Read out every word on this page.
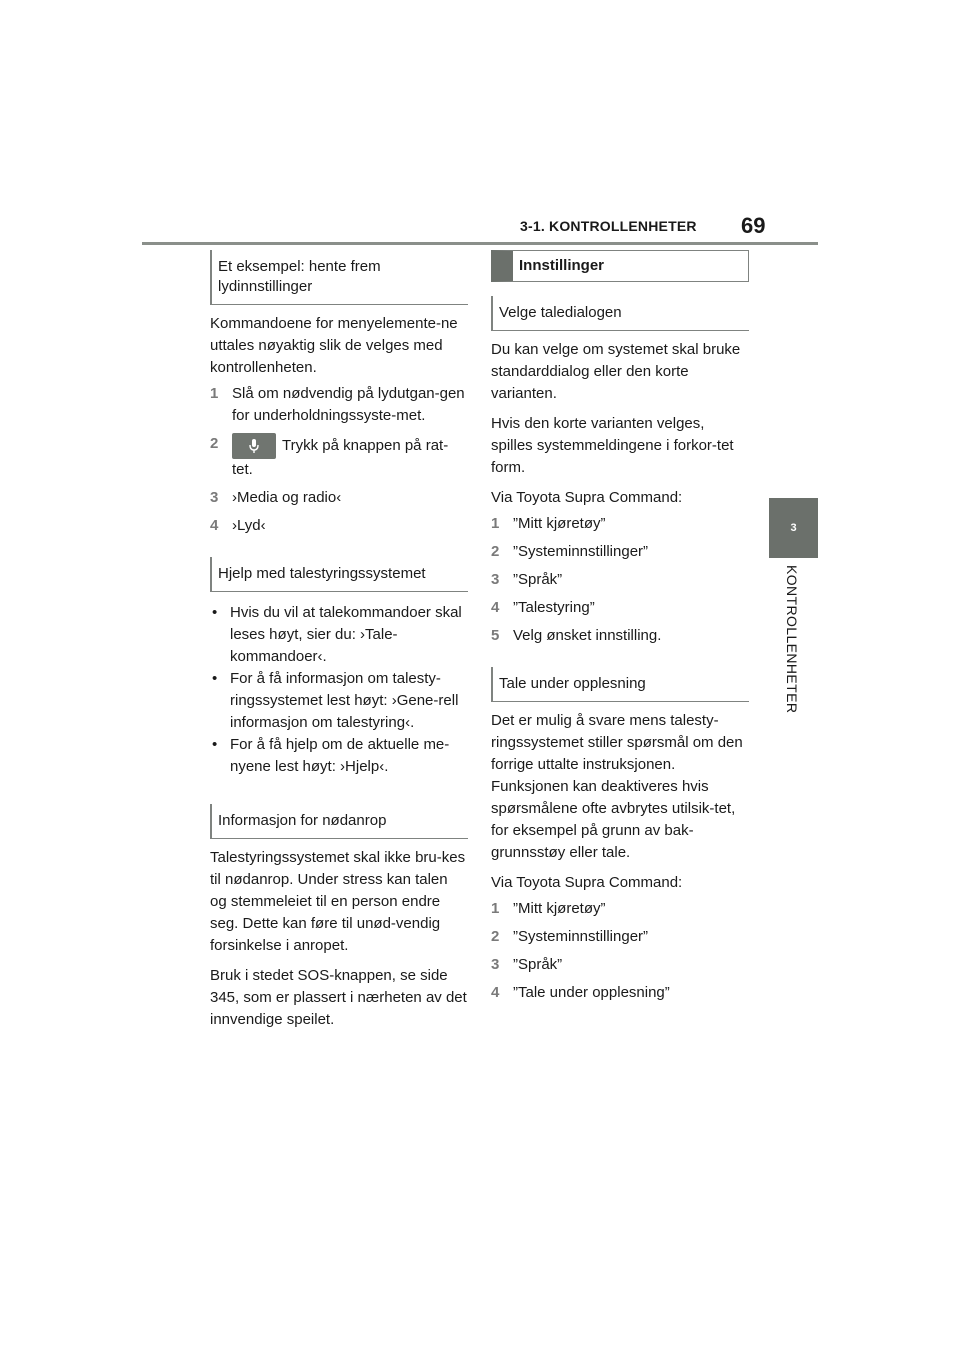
3-1. KONTROLLENHETER 69
3
KONTROLLENHETER
Et eksempel: hente frem lydinnstillinger
Kommandoene for menyelemente-ne uttales nøyaktig slik de velges med kontrollenheten.
1 Slå om nødvendig på lydutgan-gen for underholdningssyste-met.
2	Trykk på knappen på rat-tet.
3 ›Media og radio‹
4 ›Lyd‹
Hjelp med talestyringssystemet
• Hvis du vil at talekommandoer skal leses høyt, sier du: ›Tale-kommandoer‹.
• For å få informasjon om talesty-ringssystemet lest høyt: ›Gene-rell informasjon om talestyring‹.
• For å få hjelp om de aktuelle me-nyene lest høyt: ›Hjelp‹.
Informasjon for nødanrop
Talestyringssystemet skal ikke bru-kes til nødanrop. Under stress kan talen og stemmeleiet til en person endre seg. Dette kan føre til unød-vendig forsinkelse i anropet.
Bruk i stedet SOS-knappen, se side 345, som er plassert i nærheten av det innvendige speilet.
Innstillinger
Velge taledialogen
Du kan velge om systemet skal bruke standarddialog eller den korte varianten.
Hvis den korte varianten velges, spilles systemmeldingene i forkor-tet form.
Via Toyota Supra Command:
1 ”Mitt kjøretøy”
2 ”Systeminnstillinger”
3 ”Språk”
4 ”Talestyring”
5 Velg ønsket innstilling.
Tale under opplesning
Det er mulig å svare mens talesty-ringssystemet stiller spørsmål om den forrige uttalte instruksjonen. Funksjonen kan deaktiveres hvis spørsmålene ofte avbrytes utilsik-tet, for eksempel på grunn av bak-grunnsstøy eller tale.
Via Toyota Supra Command:
1 ”Mitt kjøretøy”
2 ”Systeminnstillinger”
3 ”Språk”
4 ”Tale under opplesning”
